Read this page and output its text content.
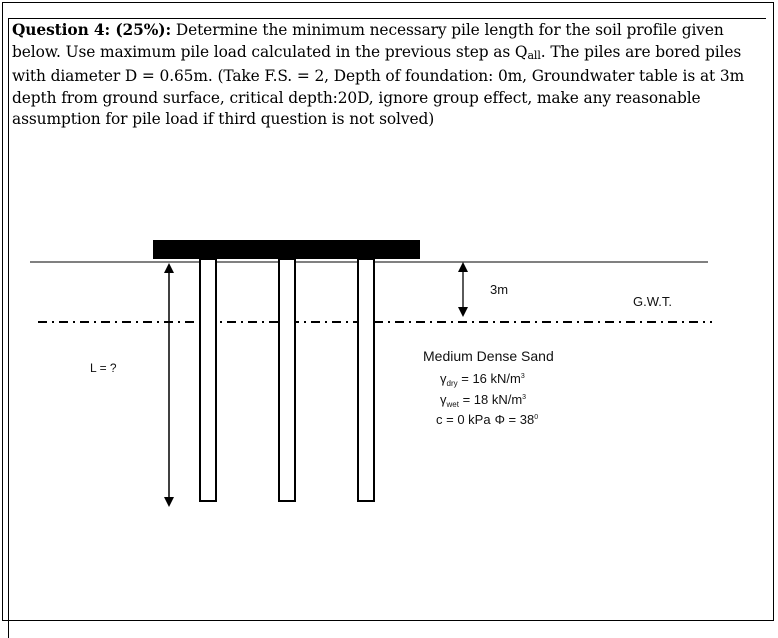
Question 4: (25%): Determine the minimum necessary pile length for the soil profile given below. Use maximum pile load calculated in the previous step as Qall. The piles are bored piles with diameter D = 0.65m. (Take F.S. = 2, Depth of foundation: 0m, Groundwater table is at 3m depth from ground surface, critical depth:20D, ignore group effect, make any reasonable assumption for pile load if third question is not solved)
3m
G.W.T.
L = ?
Medium Dense Sand
$\gamma_{dry} = 16$ $kN/m^3$
$\gamma_{wet} = 18$ $kN/m^3$
c = 0 kPa $\Phi = 38^0$
